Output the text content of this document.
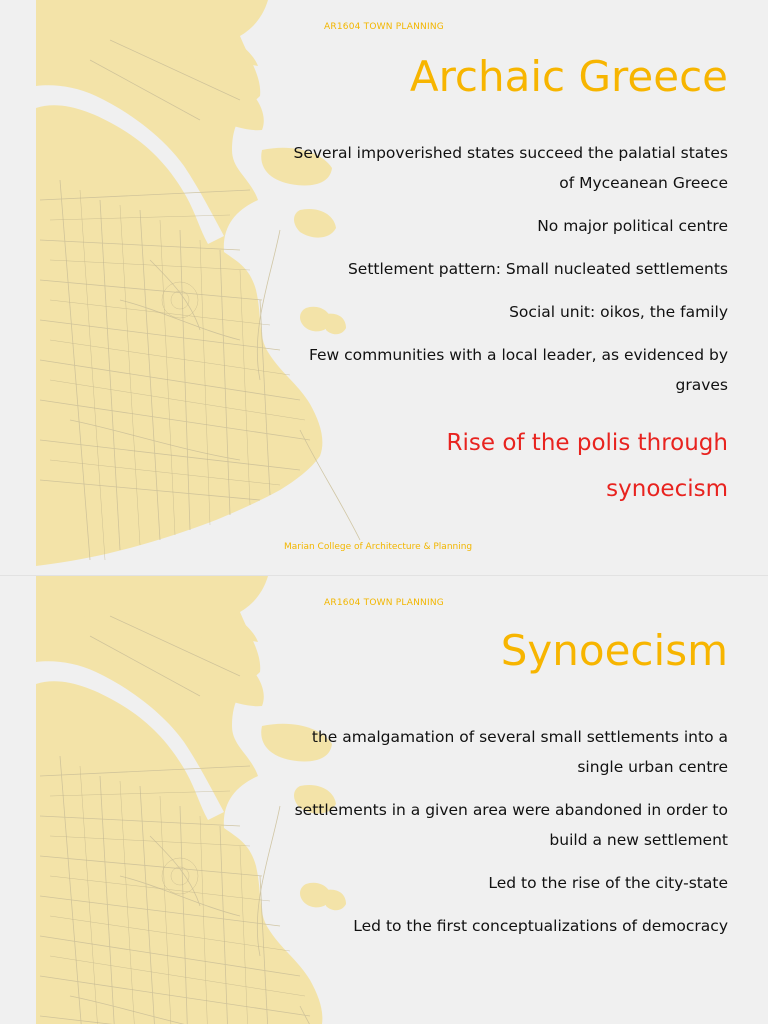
AR1604 TOWN PLANNING
Archaic Greece
Several impoverished states succeed the palatial states of Myceanean Greece
No major political centre
Settlement pattern: Small nucleated settlements
Social unit: oikos, the family
Few communities with a local leader, as evidenced by graves

Rise of the polis through synoecism

Marian College of Architecture & Planning
AR1604 TOWN PLANNING
Synoecism
the amalgamation of several small settlements into a single urban centre
settlements in a given area were abandoned in order to build a new settlement
Led to the rise of the city-state
Led to the first conceptualizations of democracy
